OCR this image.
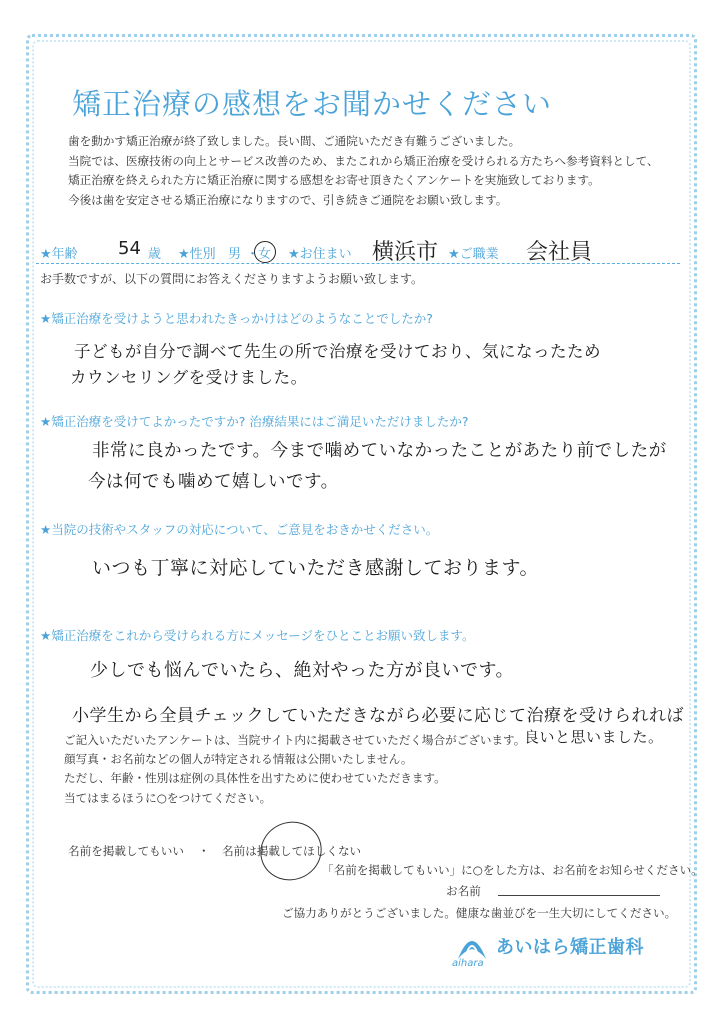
矯正治療の感想をお聞かせください
歯を動かす矯正治療が終了致しました。長い間、ご通院いただき有難うございました。
当院では、医療技術の向上とサービス改善のため、またこれから矯正治療を受けられる方たちへ参考資料として、
矯正治療を終えられた方に矯正治療に関する感想をお寄せ頂きたくアンケートを実施致しております。
今後は歯を安定させる矯正治療になりますので、引き続きご通院をお願い致します。
★年齢 54 歳 ★性別 男 ・
女 ★お住まい 横浜市 ★ご職業 会社員
お手数ですが、以下の質問にお答えくださりますようお願い致します。
★矯正治療を受けようと思われたきっかけはどのようなことでしたか?
子どもが自分で調べて先生の所で治療を受けており、気になったため
カウンセリングを受けました。
★矯正治療を受けてよかったですか? 治療結果にはご満足いただけましたか?
非常に良かったです。今まで噛めていなかったことがあたり前でしたが
今は何でも噛めて嬉しいです。
★当院の技術やスタッフの対応について、ご意見をおきかせください。
いつも丁寧に対応していただき感謝しております。
★矯正治療をこれから受けられる方にメッセージをひとことお願い致します。
少しでも悩んでいたら、絶対やった方が良いです。
小学生から全員チェックしていただきながら必要に応じて治療を受けられれば
良いと思いました。
ご記入いただいたアンケートは、当院サイト内に掲載させていただく場合がございます。
顔写真・お名前などの個人が特定される情報は公開いたしません。
ただし、年齢・性別は症例の具体性を出すために使わせていただきます。
当てはまるほうに○をつけてください。
名前を掲載してもいい ・ 名前は掲載してほしくない
「名前を掲載してもいい」に○をした方は、お名前をお知らせください。
お名前
ご協力ありがとうございました。健康な歯並びを一生大切にしてください。
aihara
あいはら矯正歯科
